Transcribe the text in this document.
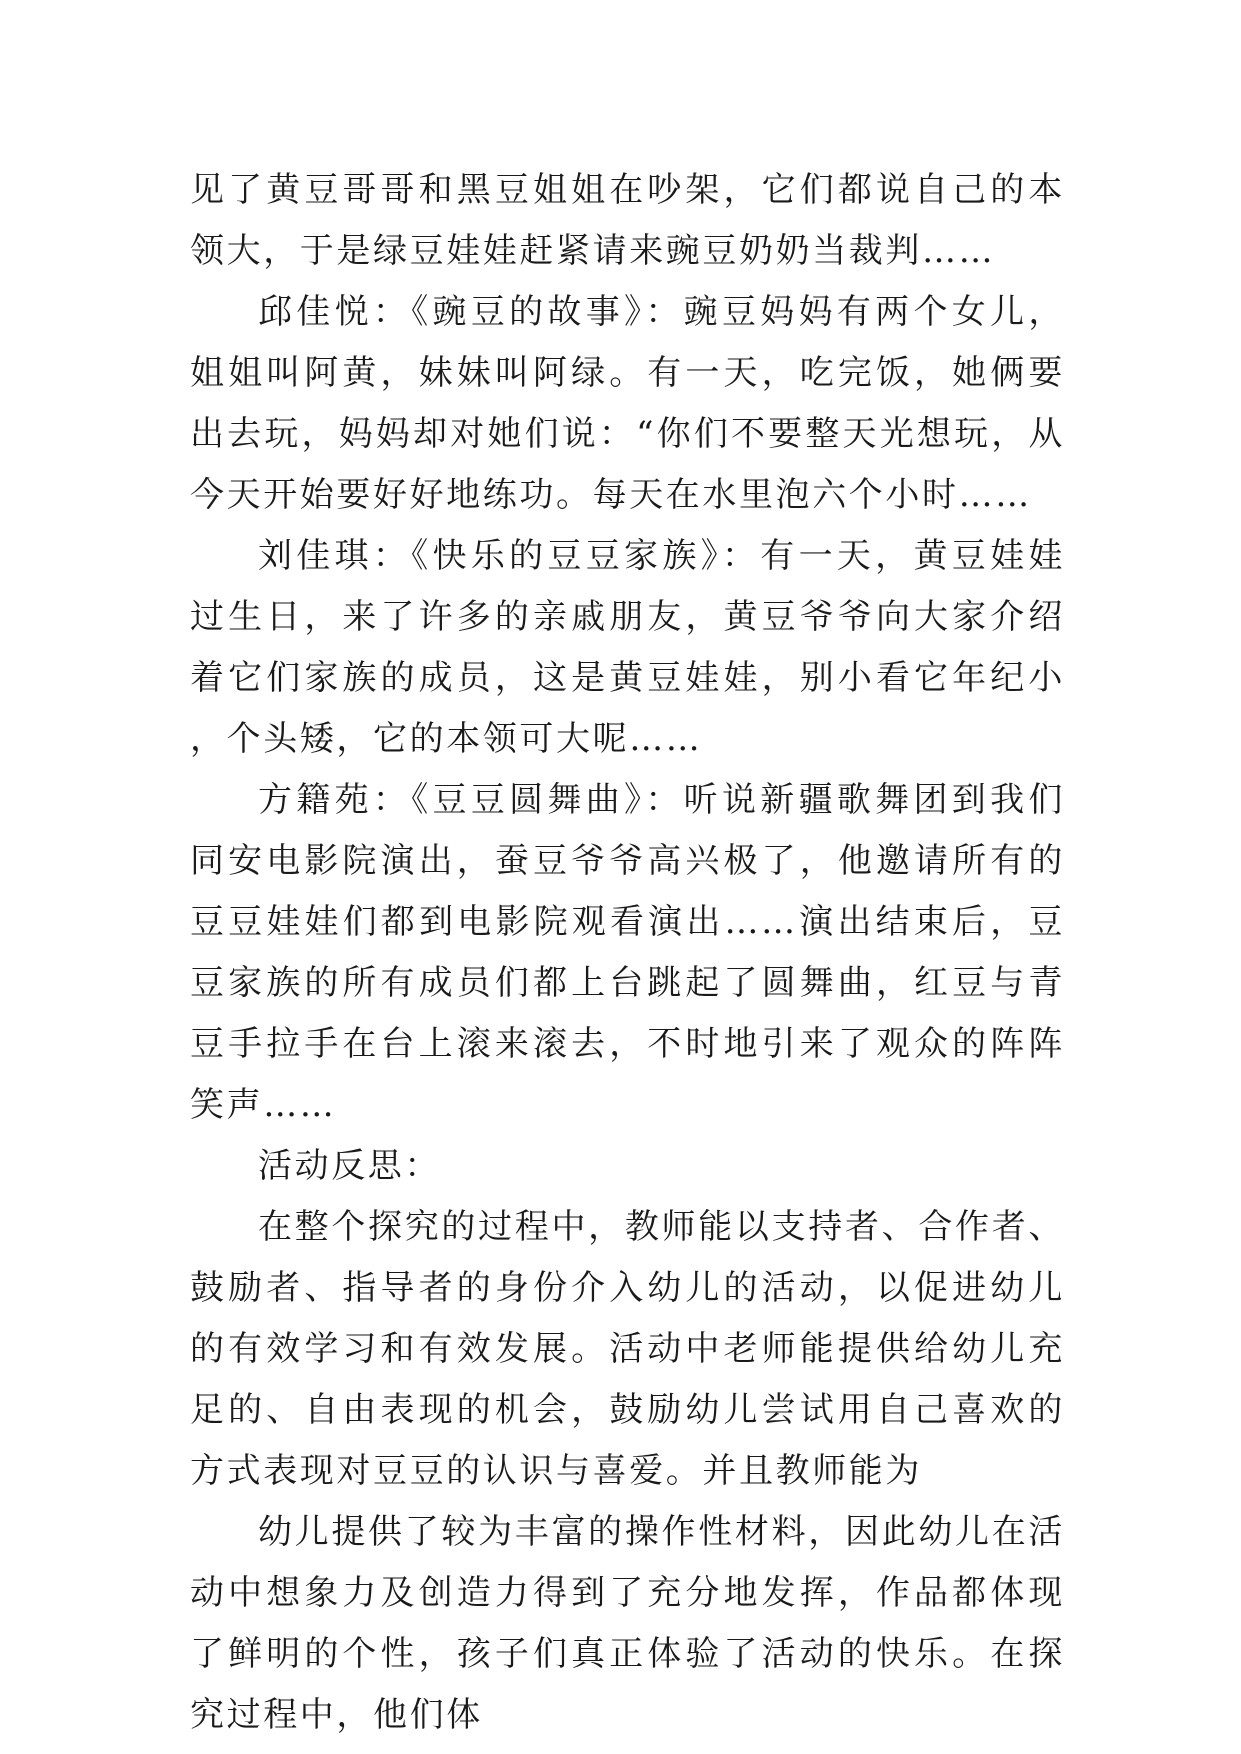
见了黄豆哥哥和黑豆姐姐在吵架，它们都说自己的本领大，于是绿豆娃娃赶紧请来豌豆奶奶当裁判……

邱佳悦：《豌豆的故事》：豌豆妈妈有两个女儿，姐姐叫阿黄，妹妹叫阿绿。有一天，吃完饭，她俩要出去玩，妈妈却对她们说：“你们不要整天光想玩，从今天开始要好好地练功。每天在水里泡六个小时……

刘佳琪：《快乐的豆豆家族》：有一天，黄豆娃娃过生日，来了许多的亲戚朋友，黄豆爷爷向大家介绍着它们家族的成员，这是黄豆娃娃，别小看它年纪小，个头矮，它的本领可大呢……

方籍苑：《豆豆圆舞曲》：听说新疆歌舞团到我们同安电影院演出，蚕豆爷爷高兴极了，他邀请所有的豆豆娃娃们都到电影院观看演出……演出结束后，豆豆家族的所有成员们都上台跳起了圆舞曲，红豆与青豆手拉手在台上滚来滚去，不时地引来了观众的阵阵笑声……

活动反思：

在整个探究的过程中，教师能以支持者、合作者、鼓励者、指导者的身份介入幼儿的活动，以促进幼儿的有效学习和有效发展。活动中老师能提供给幼儿充足的、自由表现的机会，鼓励幼儿尝试用自己喜欢的方式表现对豆豆的认识与喜爱。并且教师能为

幼儿提供了较为丰富的操作性材料，因此幼儿在活动中想象力及创造力得到了充分地发挥，作品都体现了鲜明的个性，孩子们真正体验了活动的快乐。在探究过程中，他们体
